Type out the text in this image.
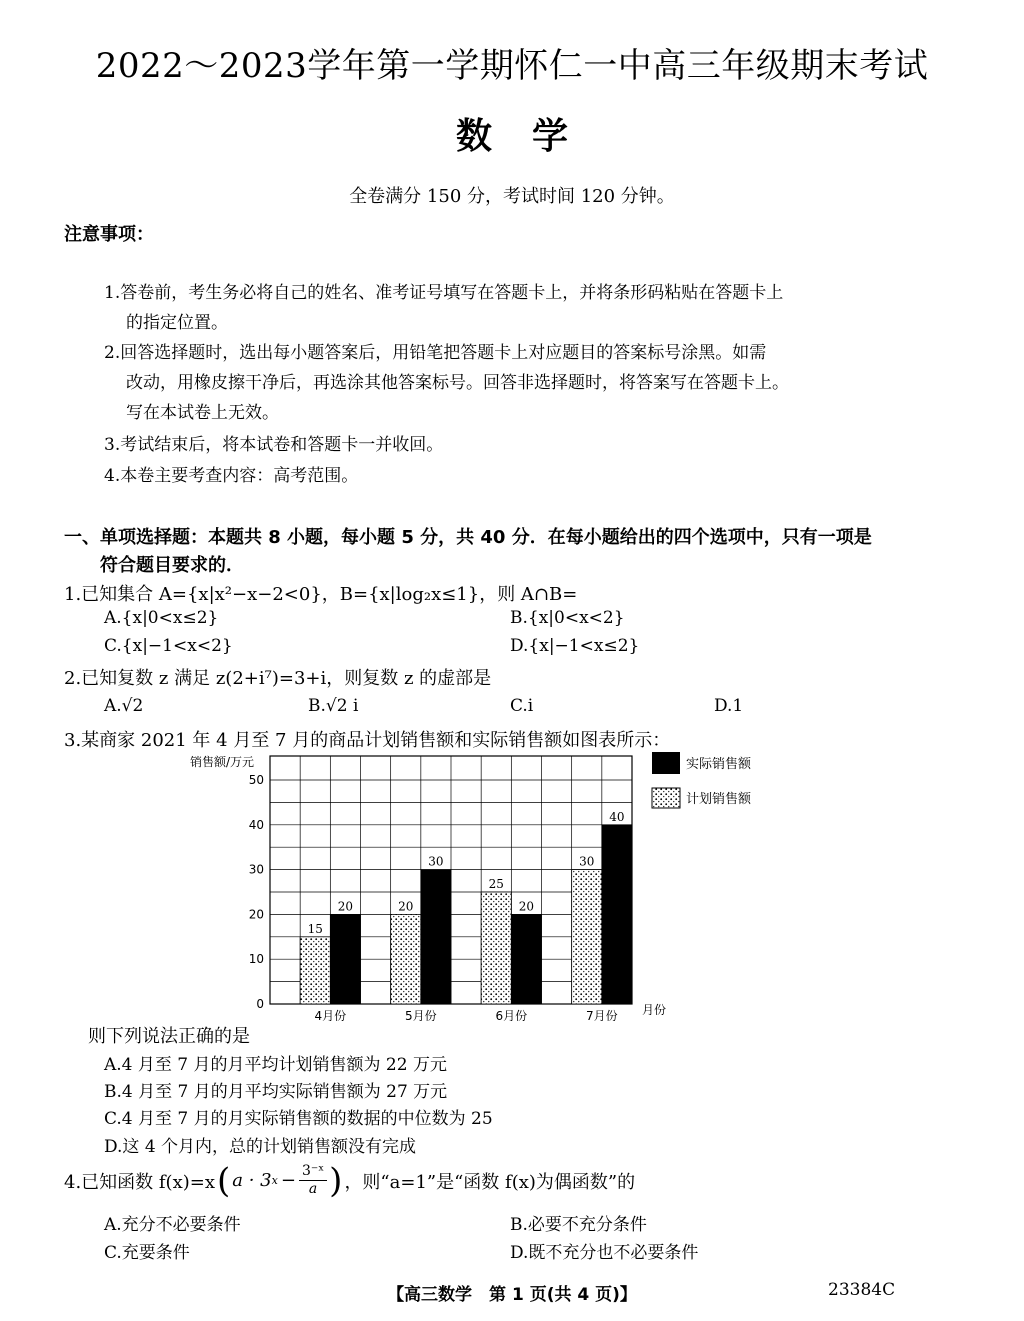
2022～2023学年第一学期怀仁一中高三年级期末考试
数学
全卷满分 150 分，考试时间 120 分钟。
注意事项：
1.答卷前，考生务必将自己的姓名、准考证号填写在答题卡上，并将条形码粘贴在答题卡上
的指定位置。
2.回答选择题时，选出每小题答案后，用铅笔把答题卡上对应题目的答案标号涂黑。如需
改动，用橡皮擦干净后，再选涂其他答案标号。回答非选择题时，将答案写在答题卡上。
写在本试卷上无效。
3.考试结束后，将本试卷和答题卡一并收回。
4.本卷主要考查内容：高考范围。
一、单项选择题：本题共 8 小题，每小题 5 分，共 40 分．在每小题给出的四个选项中，只有一项是
符合题目要求的．
1.已知集合 A={x|x²−x−2<0}，B={x|log₂x≤1}，则 A∩B=
A.{x|0<x≤2}	B.{x|0<x<2}
C.{x|−1<x<2}	D.{x|−1<x≤2}
2.已知复数 z 满足 z(2+i⁷)=3+i，则复数 z 的虚部是
A.√2	B.√2 i	C.i	D.1
3.某商家 2021 年 4 月至 7 月的商品计划销售额和实际销售额如图表所示：
销售额/万元
0
10
20
30
40
50
15
20	20
30
25
20
30
40
4月份	5月份	6月份	7月份 月份
实际销售额
计划销售额
则下列说法正确的是
A.4 月至 7 月的月平均计划销售额为 22 万元
B.4 月至 7 月的月平均实际销售额为 27 万元
C.4 月至 7 月的月实际销售额的数据的中位数为 25
D.这 4 个月内，总的计划销售额没有完成
4.已知函数 f(x)=x ( a · 3 $x - \frac{\text{3⁻ˣ}}{a}$ ) ，则“a=1”是“函数 f(x)为偶函数”的
A.充分不必要条件	B.必要不充分条件
C.充要条件	D.既不充分也不必要条件
【高三数学　第 1 页(共 4 页)】	23384C
